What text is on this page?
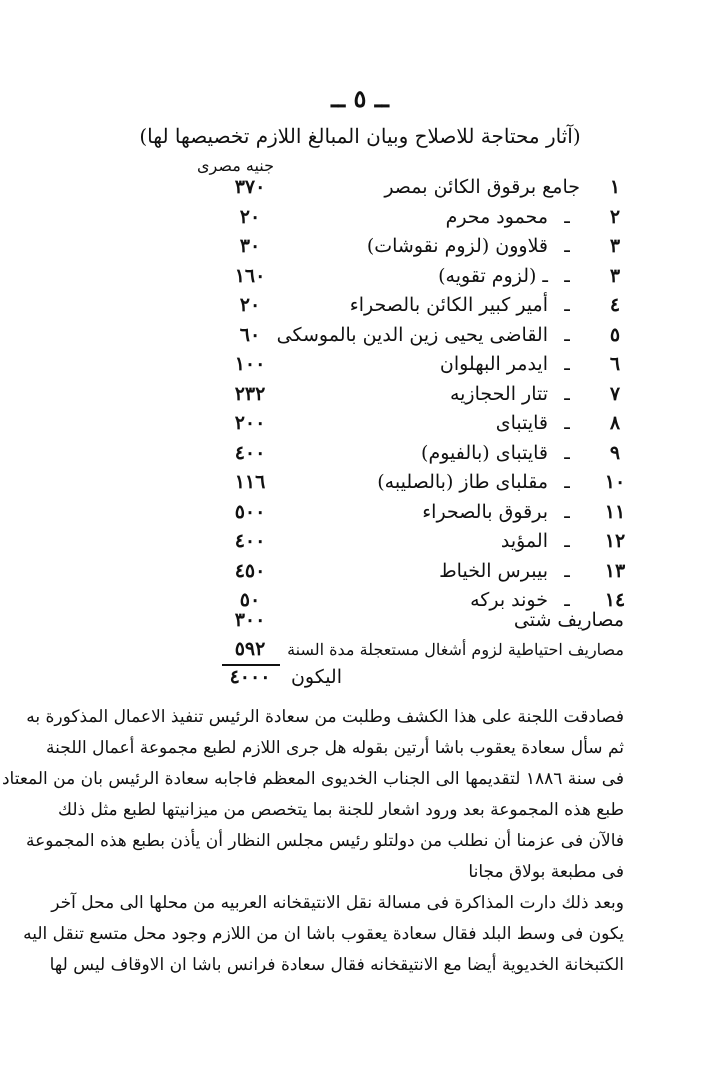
ــ ٥ ــ
(آثار محتاجة للاصلاح وبيان المبالغ اللازم تخصيصها لها)
جنيه مصرى
١
جامع برقوق الكائن بمصر
٣٧٠
٢
ـ
محمود محرم
٢٠
٣
ـ
قلاوون (لزوم نقوشات)
٣٠
٣
ـ
ـ (لزوم تقويه)
١٦٠
٤
ـ
أمير كبير الكائن بالصحراء
٢٠
٥
ـ
القاضى يحيى زين الدين بالموسكى
٦٠
٦
ـ
ايدمر البهلوان
١٠٠
٧
ـ
تتار الحجازيه
٢٣٢
٨
ـ
قايتباى
٢٠٠
٩
ـ
قايتباى (بالفيوم)
٤٠٠
١٠
ـ
مقلباى طاز (بالصليبه)
١١٦
١١
ـ
برقوق بالصحراء
٥٠٠
١٢
ـ
المؤيد
٤٠٠
١٣
ـ
بيبرس الخياط
٤٥٠
١٤
ـ
خوند بركه
٥٠
مصاريف شتى
٣٠٠
مصاريف احتياطية لزوم أشغال مستعجلة مدة السنة
٥٩٢
اليكون
٤٠٠٠
فصادقت اللجنة على هذا الكشف وطلبت من سعادة الرئيس تنفيذ الاعمال المذكورة به
ثم سأل سعادة يعقوب باشا أرتين بقوله هل جرى اللازم لطبع مجموعة أعمال اللجنة
فى سنة ١٨٨٦ لتقديمها الى الجناب الخديوى المعظم فاجابه سعادة الرئيس بان من المعتاد
طبع هذه المجموعة بعد ورود اشعار للجنة بما يتخصص من ميزانيتها لطبع مثل ذلك
فالآن فى عزمنا أن نطلب من دولتلو رئيس مجلس النظار أن يأذن بطبع هذه المجموعة
فى مطبعة بولاق مجانا
وبعد ذلك دارت المذاكرة فى مسالة نقل الانتيقخانه العربيه من محلها الى محل آخر
يكون فى وسط البلد فقال سعادة يعقوب باشا ان من اللازم وجود محل متسع تنقل اليه
الكتبخانة الخديوية أيضا مع الانتيقخانه فقال سعادة فرانس باشا ان الاوقاف ليس لها
